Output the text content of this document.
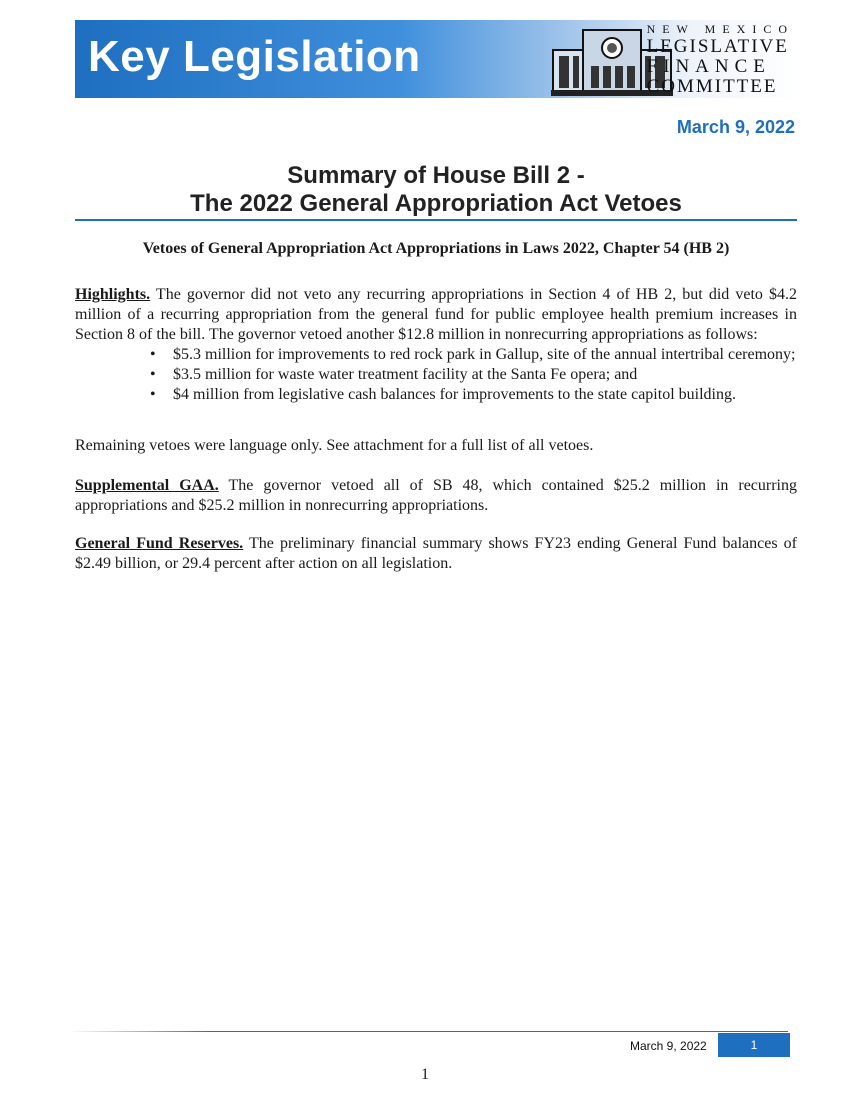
Key Legislation
NEW MEXICO
LEGISLATIVE
FINANCE
COMMITTEE
March 9, 2022
Summary of House Bill 2 -
The 2022 General Appropriation Act Vetoes
Vetoes of General Appropriation Act Appropriations in Laws 2022, Chapter 54 (HB 2)
Highlights. The governor did not veto any recurring appropriations in Section 4 of HB 2, but did veto $4.2 million of a recurring appropriation from the general fund for public employee health premium increases in Section 8 of the bill. The governor vetoed another $12.8 million in nonrecurring appropriations as follows:
• $5.3 million for improvements to red rock park in Gallup, site of the annual intertribal ceremony;
• $3.5 million for waste water treatment facility at the Santa Fe opera; and
• $4 million from legislative cash balances for improvements to the state capitol building.
Remaining vetoes were language only. See attachment for a full list of all vetoes.
Supplemental GAA. The governor vetoed all of SB 48, which contained $25.2 million in recurring appropriations and $25.2 million in nonrecurring appropriations.
General Fund Reserves. The preliminary financial summary shows FY23 ending General Fund balances of $2.49 billion, or 29.4 percent after action on all legislation.
March 9, 2022	1
1
